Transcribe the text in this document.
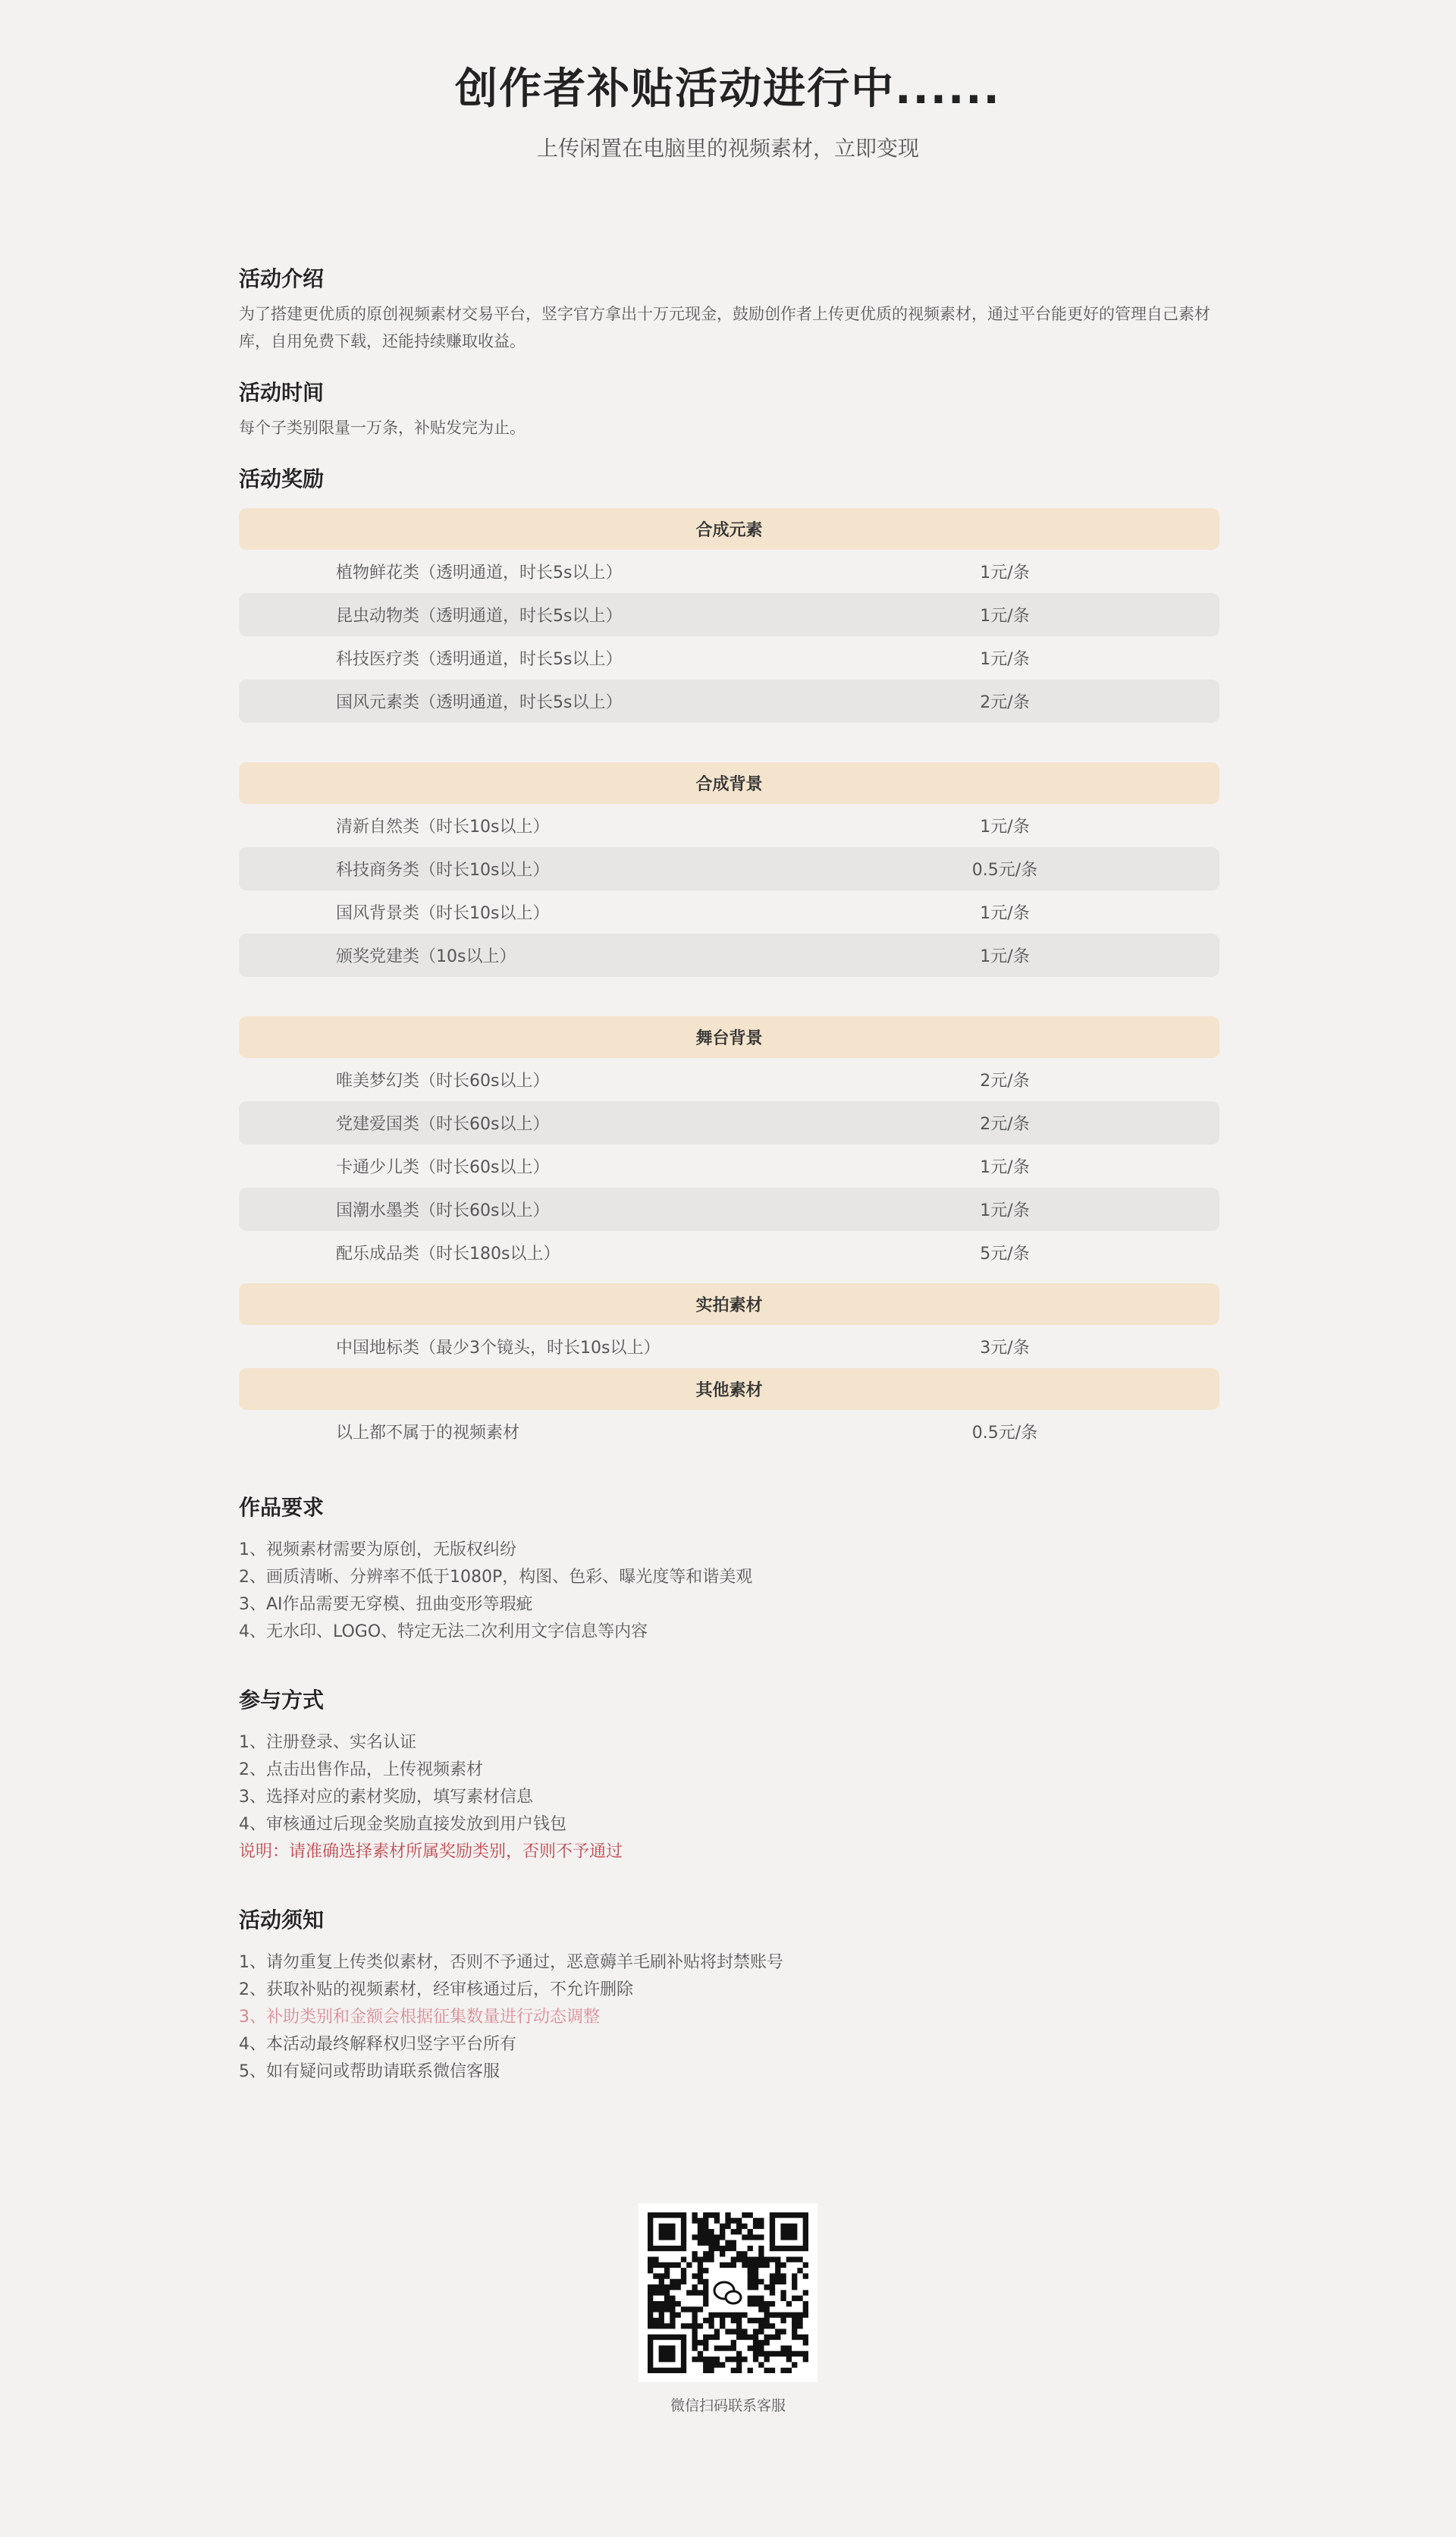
创作者补贴活动进行中......

上传闲置在电脑里的视频素材，立即变现

活动介绍

为了搭建更优质的原创视频素材交易平台，竖字官方拿出十万元现金，鼓励创作者上传更优质的视频素材，通过平台能更好的管理自己素材库，自用免费下载，还能持续赚取收益。

活动时间

每个子类别限量一万条，补贴发完为止。

活动奖励
合成元素
植物鲜花类（透明通道，时长5s以上）	1元/条
昆虫动物类（透明通道，时长5s以上）	1元/条
科技医疗类（透明通道，时长5s以上）	1元/条
国风元素类（透明通道，时长5s以上）	2元/条
合成背景
清新自然类（时长10s以上）	1元/条
科技商务类（时长10s以上）	0.5元/条
国风背景类（时长10s以上）	1元/条
颁奖党建类（10s以上）	1元/条
舞台背景
唯美梦幻类（时长60s以上）	2元/条
党建爱国类（时长60s以上）	2元/条
卡通少儿类（时长60s以上）	1元/条
国潮水墨类（时长60s以上）	1元/条
配乐成品类（时长180s以上）	5元/条
实拍素材
中国地标类（最少3个镜头，时长10s以上）	3元/条
其他素材
以上都不属于的视频素材	0.5元/条
作品要求

1、视频素材需要为原创，无版权纠纷

2、画质清晰、分辨率不低于1080P，构图、色彩、曝光度等和谐美观

3、AI作品需要无穿模、扭曲变形等瑕疵

4、无水印、LOGO、特定无法二次利用文字信息等内容

参与方式

1、注册登录、实名认证

2、点击出售作品，上传视频素材

3、选择对应的素材奖励，填写素材信息

4、审核通过后现金奖励直接发放到用户钱包

说明：请准确选择素材所属奖励类别，否则不予通过

活动须知

1、请勿重复上传类似素材，否则不予通过，恶意薅羊毛刷补贴将封禁账号

2、获取补贴的视频素材，经审核通过后，不允许删除

3、补助类别和金额会根据征集数量进行动态调整

4、本活动最终解释权归竖字平台所有

5、如有疑问或帮助请联系微信客服

微信扫码联系客服
